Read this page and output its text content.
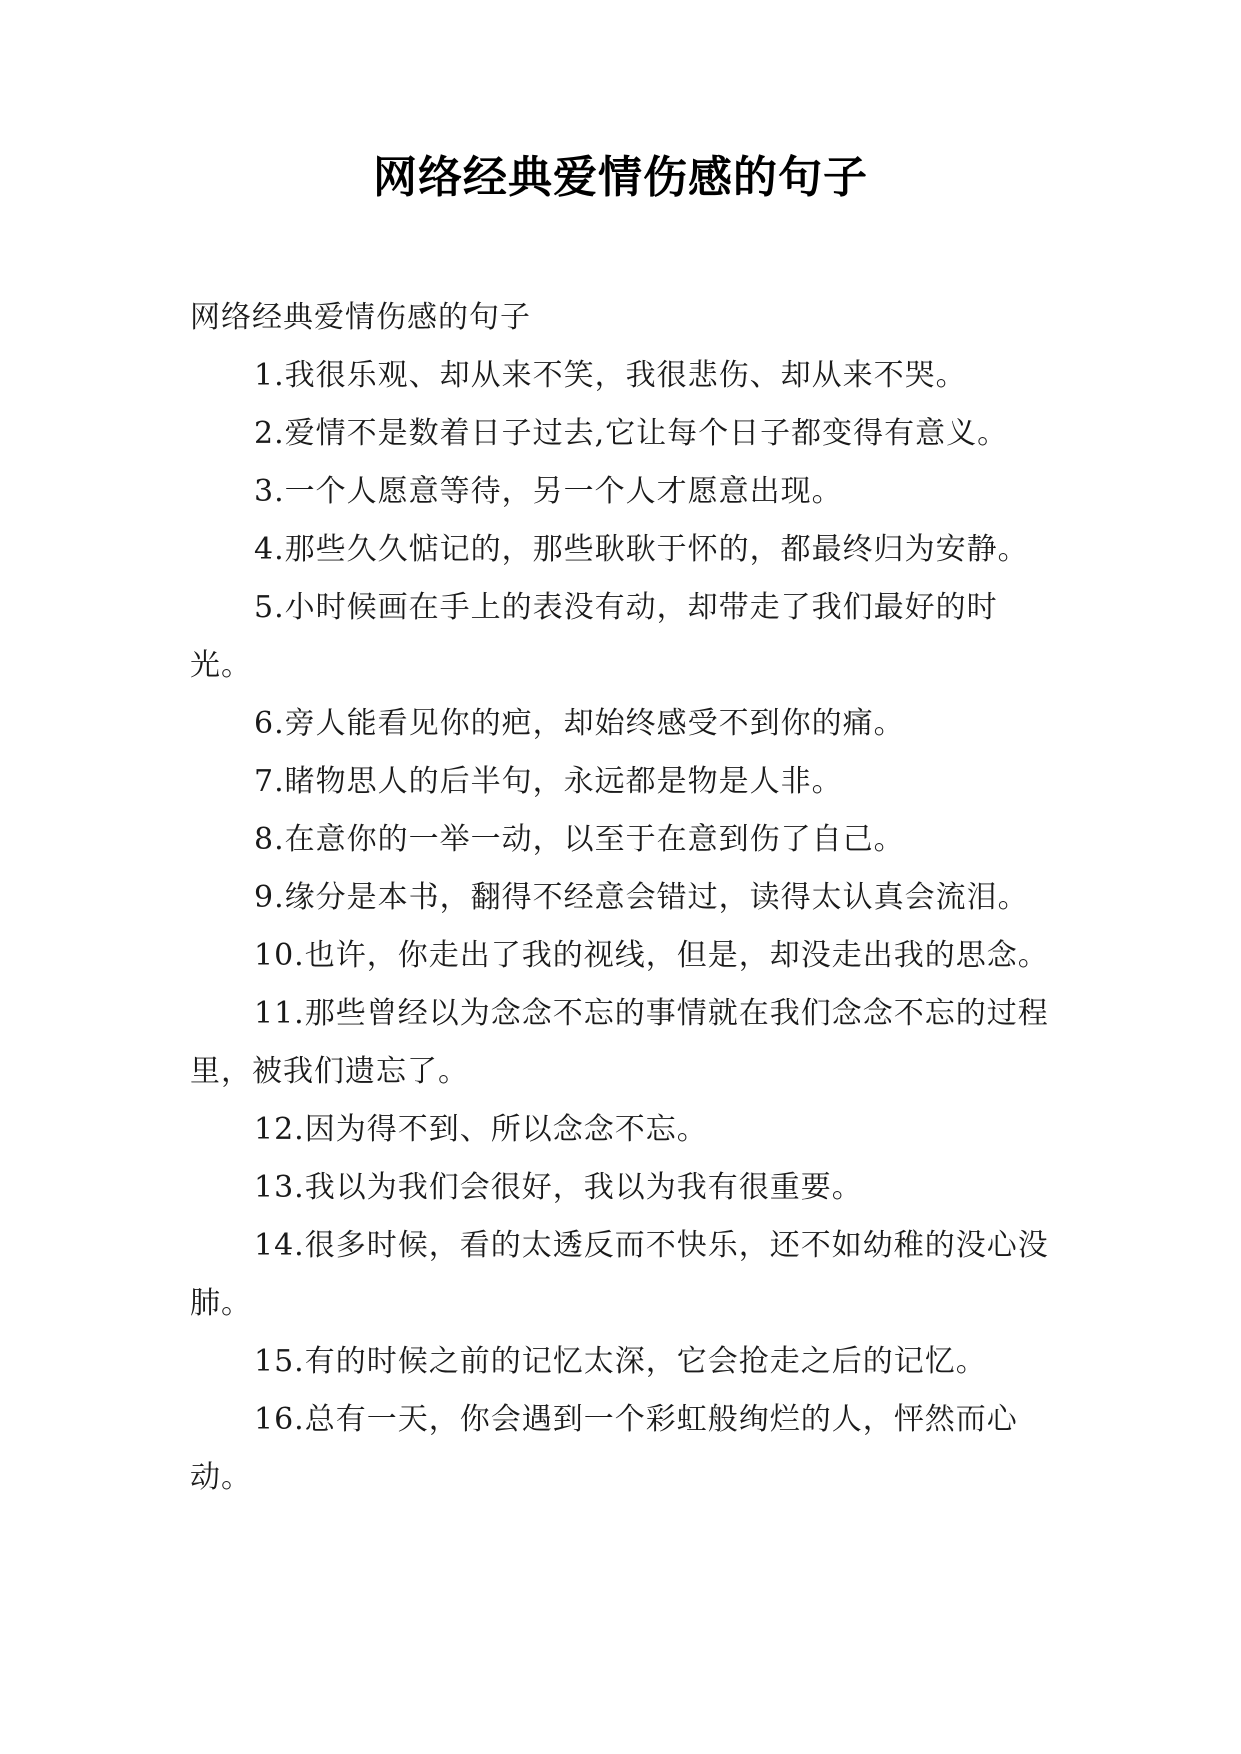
网络经典爱情伤感的句子

网络经典爱情伤感的句子

1.我很乐观、却从来不笑，我很悲伤、却从来不哭。

2.爱情不是数着日子过去,它让每个日子都变得有意义。

3.一个人愿意等待，另一个人才愿意出现。

4.那些久久惦记的，那些耿耿于怀的，都最终归为安静。

5.小时候画在手上的表没有动，却带走了我们最好的时光。

6.旁人能看见你的疤，却始终感受不到你的痛。

7.睹物思人的后半句，永远都是物是人非。

8.在意你的一举一动，以至于在意到伤了自己。

9.缘分是本书，翻得不经意会错过，读得太认真会流泪。

10.也许，你走出了我的视线，但是，却没走出我的思念。

11.那些曾经以为念念不忘的事情就在我们念念不忘的过程里，被我们遗忘了。

12.因为得不到、所以念念不忘。

13.我以为我们会很好，我以为我有很重要。

14.很多时候，看的太透反而不快乐，还不如幼稚的没心没肺。

15.有的时候之前的记忆太深，它会抢走之后的记忆。

16.总有一天，你会遇到一个彩虹般绚烂的人，怦然而心动。
